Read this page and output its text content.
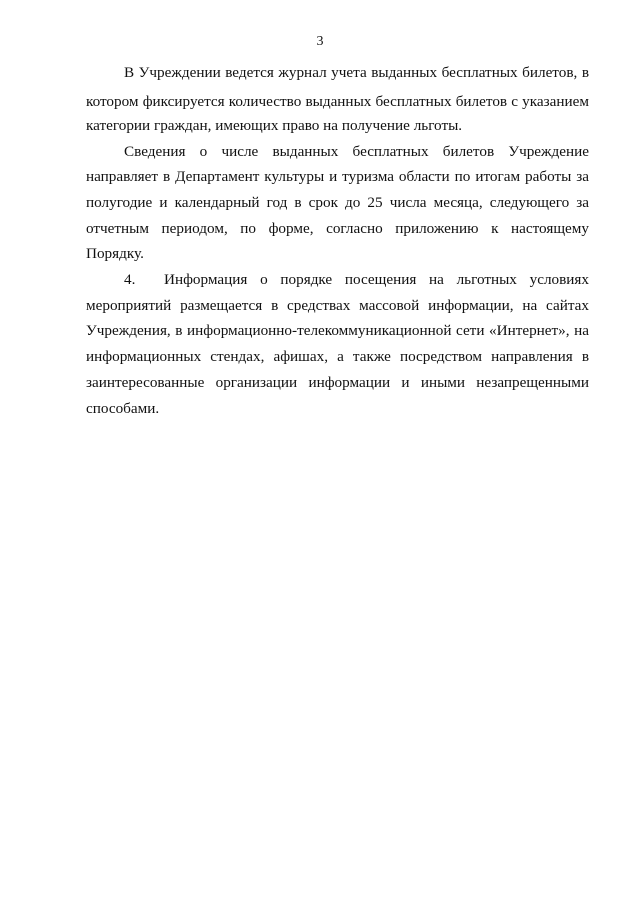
3
В Учреждении ведется журнал учета выданных бесплатных билетов, в
котором фиксируется количество выданных бесплатных билетов с указанием
категории граждан, имеющих право на получение льготы.
Сведения о числе выданных бесплатных билетов Учреждение
направляет в Департамент культуры и туризма области по итогам работы за
полугодие и календарный год в срок до 25 числа месяца, следующего за
отчетным периодом, по форме, согласно приложению к настоящему
Порядку.
4. Информация о порядке посещения на льготных условиях
мероприятий размещается в средствах массовой информации, на сайтах
Учреждения, в информационно-телекоммуникационной сети «Интернет», на
информационных стендах, афишах, а также посредством направления в
заинтересованные организации информации и иными незапрещенными
способами.
